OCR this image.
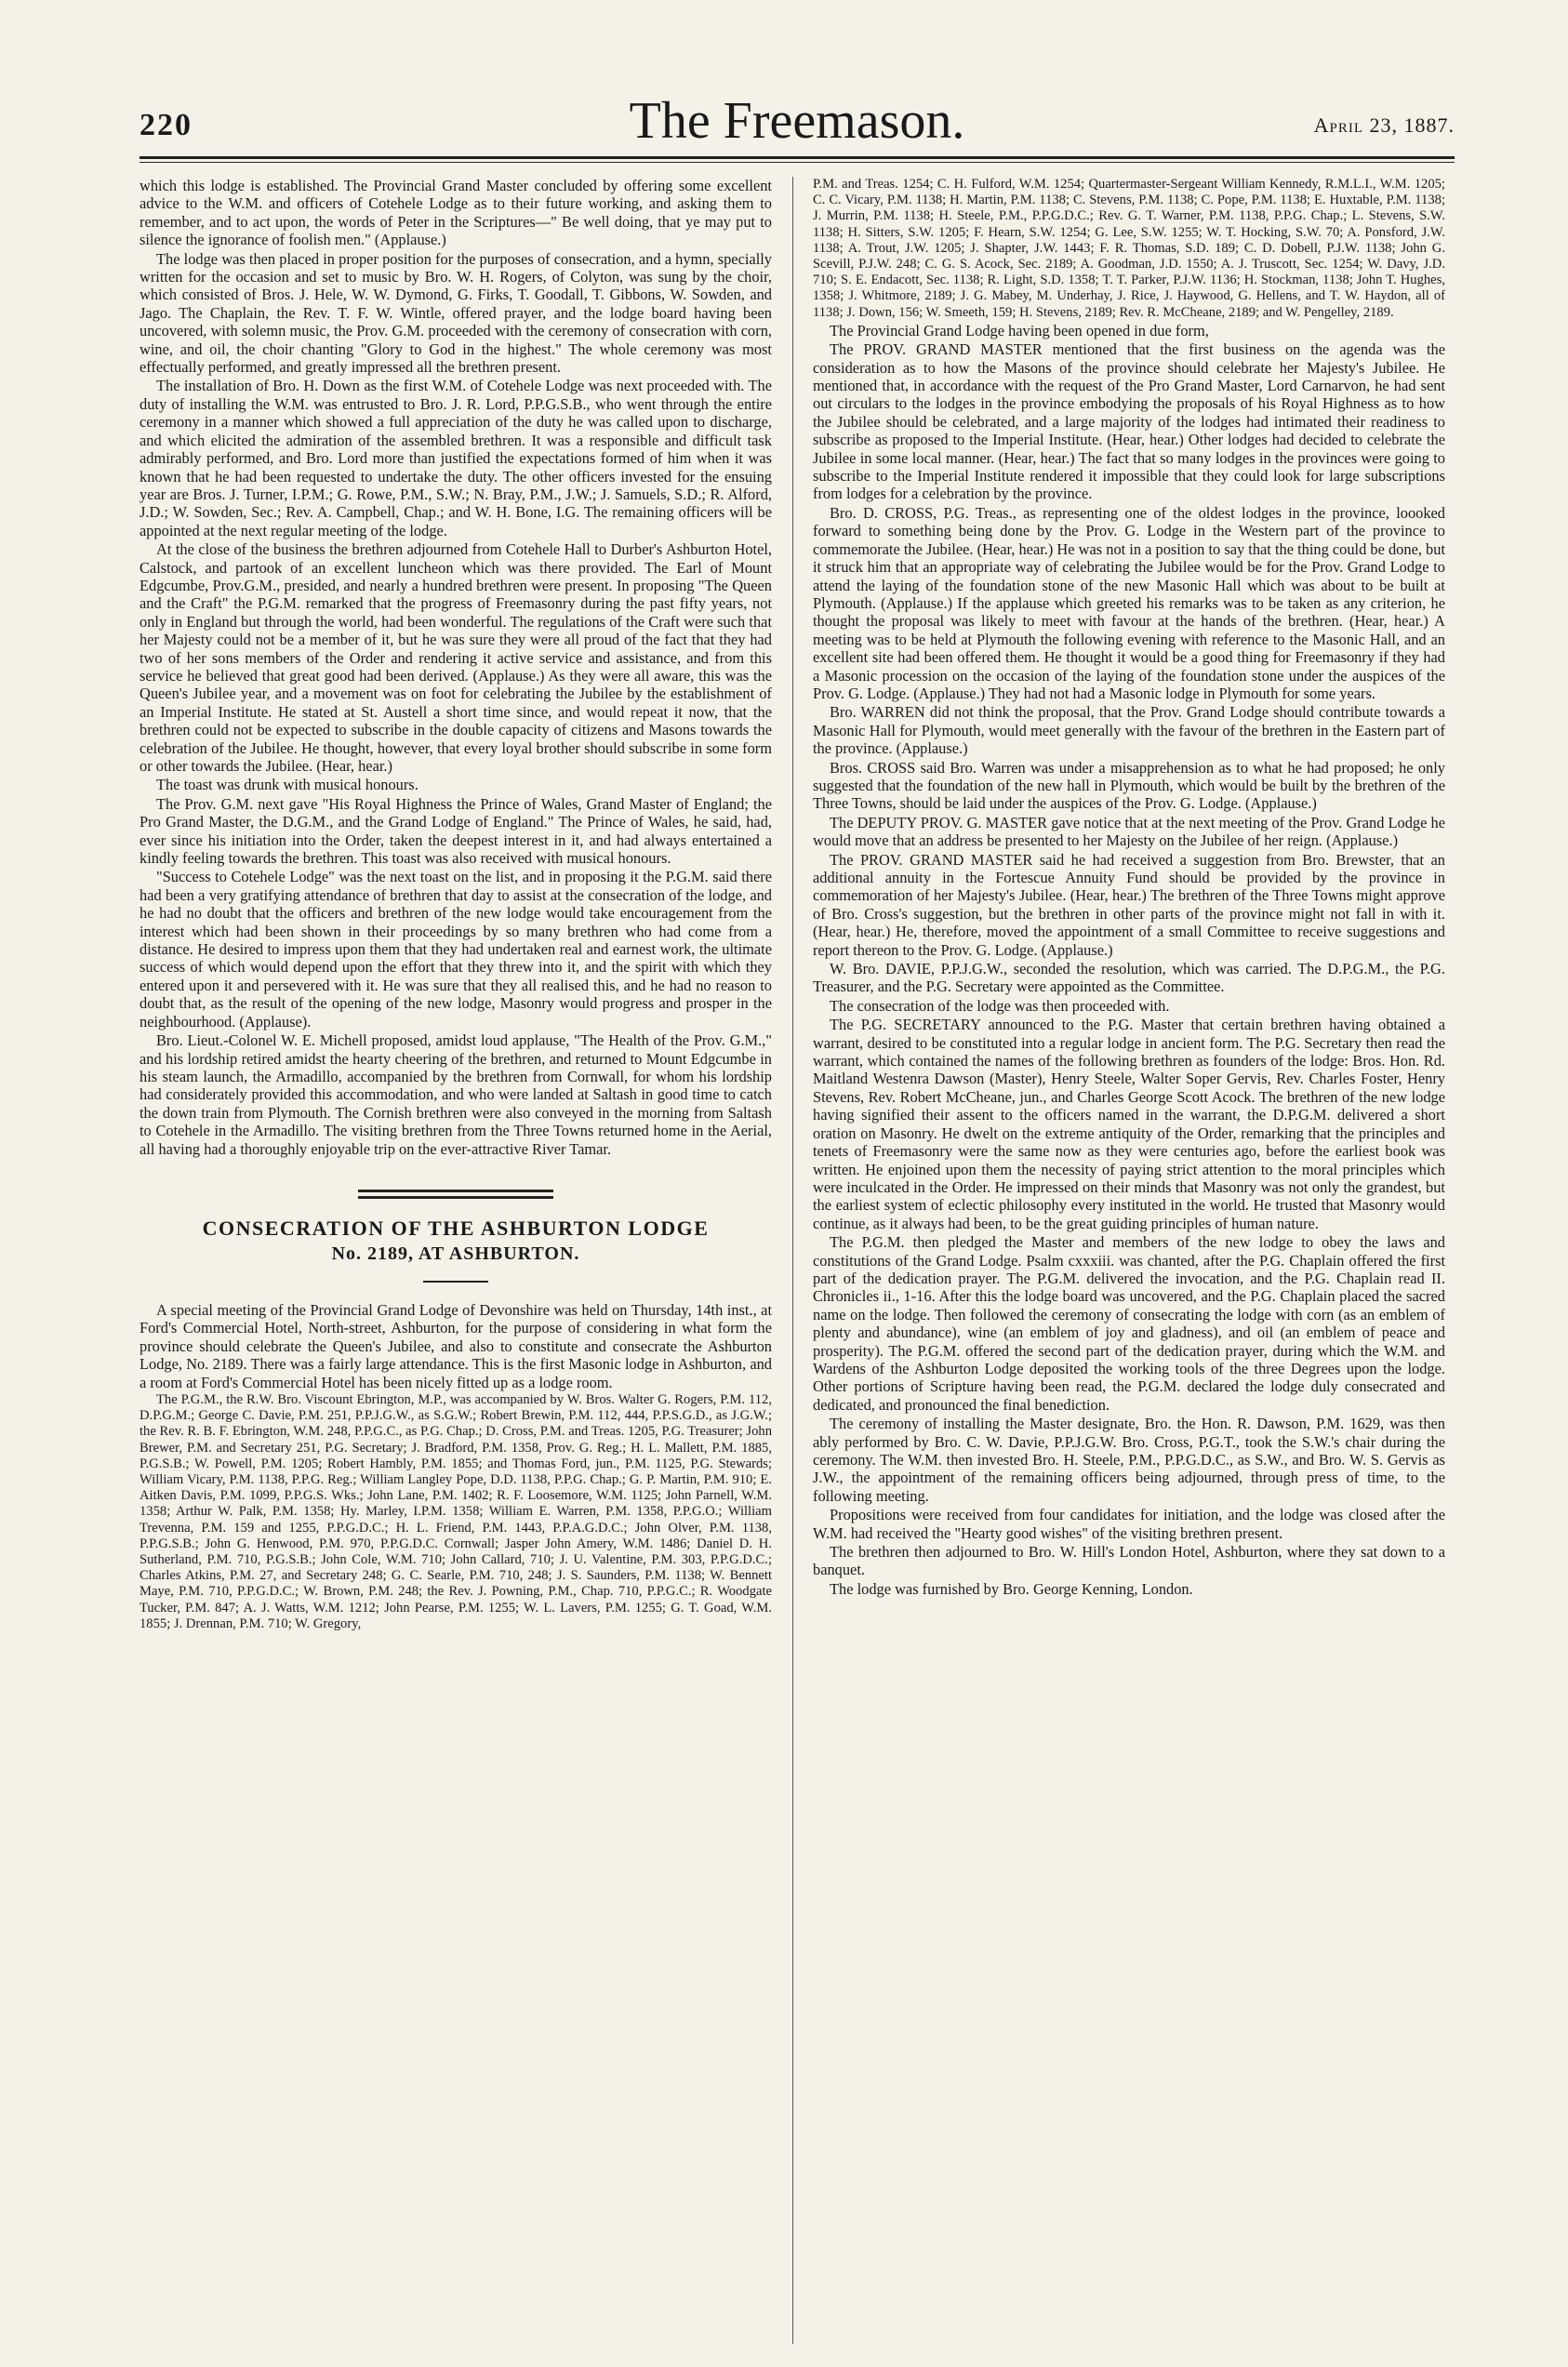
220	The Freemason.	April 23, 1887.

which this lodge is established. The Provincial Grand Master concluded by offering some excellent advice to the W.M. and officers of Cotehele Lodge as to their future working, and asking them to remember, and to act upon, the words of Peter in the Scriptures—" Be well doing, that ye may put to silence the ignorance of foolish men." (Applause.)

The lodge was then placed in proper position for the purposes of consecration, and a hymn, specially written for the occasion and set to music by Bro. W. H. Rogers, of Colyton, was sung by the choir, which consisted of Bros. J. Hele, W. W. Dymond, G. Firks, T. Goodall, T. Gibbons, W. Sowden, and Jago. The Chaplain, the Rev. T. F. W. Wintle, offered prayer, and the lodge board having been uncovered, with solemn music, the Prov. G.M. proceeded with the ceremony of consecration with corn, wine, and oil, the choir chanting "Glory to God in the highest." The whole ceremony was most effectually performed, and greatly impressed all the brethren present.

The installation of Bro. H. Down as the first W.M. of Cotehele Lodge was next proceeded with. The duty of installing the W.M. was entrusted to Bro. J. R. Lord, P.P.G.S.B., who went through the entire ceremony in a manner which showed a full appreciation of the duty he was called upon to discharge, and which elicited the admiration of the assembled brethren. It was a responsible and difficult task admirably performed, and Bro. Lord more than justified the expectations formed of him when it was known that he had been requested to undertake the duty. The other officers invested for the ensuing year are Bros. J. Turner, I.P.M.; G. Rowe, P.M., S.W.; N. Bray, P.M., J.W.; J. Samuels, S.D.; R. Alford, J.D.; W. Sowden, Sec.; Rev. A. Campbell, Chap.; and W. H. Bone, I.G. The remaining officers will be appointed at the next regular meeting of the lodge.

At the close of the business the brethren adjourned from Cotehele Hall to Durber's Ashburton Hotel, Calstock, and partook of an excellent luncheon which was there provided. The Earl of Mount Edgcumbe, Prov.G.M., presided, and nearly a hundred brethren were present. In proposing "The Queen and the Craft" the P.G.M. remarked that the progress of Freemasonry during the past fifty years, not only in England but through the world, had been wonderful. The regulations of the Craft were such that her Majesty could not be a member of it, but he was sure they were all proud of the fact that they had two of her sons members of the Order and rendering it active service and assistance, and from this service he believed that great good had been derived. (Applause.) As they were all aware, this was the Queen's Jubilee year, and a movement was on foot for celebrating the Jubilee by the establishment of an Imperial Institute. He stated at St. Austell a short time since, and would repeat it now, that the brethren could not be expected to subscribe in the double capacity of citizens and Masons towards the celebration of the Jubilee. He thought, however, that every loyal brother should subscribe in some form or other towards the Jubilee. (Hear, hear.)

The toast was drunk with musical honours.

The Prov. G.M. next gave "His Royal Highness the Prince of Wales, Grand Master of England; the Pro Grand Master, the D.G.M., and the Grand Lodge of England." The Prince of Wales, he said, had, ever since his initiation into the Order, taken the deepest interest in it, and had always entertained a kindly feeling towards the brethren. This toast was also received with musical honours.

"Success to Cotehele Lodge" was the next toast on the list, and in proposing it the P.G.M. said there had been a very gratifying attendance of brethren that day to assist at the consecration of the lodge, and he had no doubt that the officers and brethren of the new lodge would take encouragement from the interest which had been shown in their proceedings by so many brethren who had come from a distance. He desired to impress upon them that they had undertaken real and earnest work, the ultimate success of which would depend upon the effort that they threw into it, and the spirit with which they entered upon it and persevered with it. He was sure that they all realised this, and he had no reason to doubt that, as the result of the opening of the new lodge, Masonry would progress and prosper in the neighbourhood. (Applause).

Bro. Lieut.-Colonel W. E. Michell proposed, amidst loud applause, "The Health of the Prov. G.M.," and his lordship retired amidst the hearty cheering of the brethren, and returned to Mount Edgcumbe in his steam launch, the Armadillo, accompanied by the brethren from Cornwall, for whom his lordship had considerately provided this accommodation, and who were landed at Saltash in good time to catch the down train from Plymouth. The Cornish brethren were also conveyed in the morning from Saltash to Cotehele in the Armadillo. The visiting brethren from the Three Towns returned home in the Aerial, all having had a thoroughly enjoyable trip on the ever-attractive River Tamar.

CONSECRATION OF THE ASHBURTON LODGE
No. 2189, AT ASHBURTON.

A special meeting of the Provincial Grand Lodge of Devonshire was held on Thursday, 14th inst., at Ford's Commercial Hotel, North-street, Ashburton, for the purpose of considering in what form the province should celebrate the Queen's Jubilee, and also to constitute and consecrate the Ashburton Lodge, No. 2189. There was a fairly large attendance. This is the first Masonic lodge in Ashburton, and a room at Ford's Commercial Hotel has been nicely fitted up as a lodge room.

The P.G.M., the R.W. Bro. Viscount Ebrington, M.P., was accompanied by W. Bros. Walter G. Rogers, P.M. 112, D.P.G.M.; George C. Davie, P.M. 251, P.P.J.G.W., as S.G.W.; Robert Brewin, P.M. 112, 444, P.P.S.G.D., as J.G.W.; the Rev. R. B. F. Ebrington, W.M. 248, P.P.G.C., as P.G. Chap.; D. Cross, P.M. and Treas. 1205, P.G. Treasurer; John Brewer, P.M. and Secretary 251, P.G. Secretary; J. Bradford, P.M. 1358, Prov. G. Reg.; H. L. Mallett, P.M. 1885, P.G.S.B.; W. Powell, P.M. 1205; Robert Hambly, P.M. 1855; and Thomas Ford, jun., P.M. 1125, P.G. Stewards; William Vicary, P.M. 1138, P.P.G. Reg.; William Langley Pope, D.D. 1138, P.P.G. Chap.; G. P. Martin, P.M. 910; E. Aitken Davis, P.M. 1099, P.P.G.S. Wks.; John Lane, P.M. 1402; R. F. Loosemore, W.M. 1125; John Parnell, W.M. 1358; Arthur W. Palk, P.M. 1358; Hy. Marley, I.P.M. 1358; William E. Warren, P.M. 1358, P.P.G.O.; William Trevenna, P.M. 159 and 1255, P.P.G.D.C.; H. L. Friend, P.M. 1443, P.P.A.G.D.C.; John Olver, P.M. 1138, P.P.G.S.B.; John G. Henwood, P.M. 970, P.P.G.D.C. Cornwall; Jasper John Amery, W.M. 1486; Daniel D. H. Sutherland, P.M. 710, P.G.S.B.; John Cole, W.M. 710; John Callard, 710; J. U. Valentine, P.M. 303, P.P.G.D.C.; Charles Atkins, P.M. 27, and Secretary 248; G. C. Searle, P.M. 710, 248; J. S. Saunders, P.M. 1138; W. Bennett Maye, P.M. 710, P.P.G.D.C.; W. Brown, P.M. 248; the Rev. J. Powning, P.M., Chap. 710, P.P.G.C.; R. Woodgate Tucker, P.M. 847; A. J. Watts, W.M. 1212; John Pearse, P.M. 1255; W. L. Lavers, P.M. 1255; G. T. Goad, W.M. 1855; J. Drennan, P.M. 710; W. Gregory,

P.M. and Treas. 1254; C. H. Fulford, W.M. 1254; Quartermaster-Sergeant William Kennedy, R.M.L.I., W.M. 1205; C. C. Vicary, P.M. 1138; H. Martin, P.M. 1138; C. Stevens, P.M. 1138; C. Pope, P.M. 1138; E. Huxtable, P.M. 1138; J. Murrin, P.M. 1138; H. Steele, P.M., P.P.G.D.C.; Rev. G. T. Warner, P.M. 1138, P.P.G. Chap.; L. Stevens, S.W. 1138; H. Sitters, S.W. 1205; F. Hearn, S.W. 1254; G. Lee, S.W. 1255; W. T. Hocking, S.W. 70; A. Ponsford, J.W. 1138; A. Trout, J.W. 1205; J. Shapter, J.W. 1443; F. R. Thomas, S.D. 189; C. D. Dobell, P.J.W. 1138; John G. Scevill, P.J.W. 248; C. G. S. Acock, Sec. 2189; A. Goodman, J.D. 1550; A. J. Truscott, Sec. 1254; W. Davy, J.D. 710; S. E. Endacott, Sec. 1138; R. Light, S.D. 1358; T. T. Parker, P.J.W. 1136; H. Stockman, 1138; John T. Hughes, 1358; J. Whitmore, 2189; J. G. Mabey, M. Underhay, J. Rice, J. Haywood, G. Hellens, and T. W. Haydon, all of 1138; J. Down, 156; W. Smeeth, 159; H. Stevens, 2189; Rev. R. McCheane, 2189; and W. Pengelley, 2189.

The Provincial Grand Lodge having been opened in due form,

The PROV. GRAND MASTER mentioned that the first business on the agenda was the consideration as to how the Masons of the province should celebrate her Majesty's Jubilee. He mentioned that, in accordance with the request of the Pro Grand Master, Lord Carnarvon, he had sent out circulars to the lodges in the province embodying the proposals of his Royal Highness as to how the Jubilee should be celebrated, and a large majority of the lodges had intimated their readiness to subscribe as proposed to the Imperial Institute. (Hear, hear.) Other lodges had decided to celebrate the Jubilee in some local manner. (Hear, hear.) The fact that so many lodges in the provinces were going to subscribe to the Imperial Institute rendered it impossible that they could look for large subscriptions from lodges for a celebration by the province.

Bro. D. CROSS, P.G. Treas., as representing one of the oldest lodges in the province, loooked forward to something being done by the Prov. G. Lodge in the Western part of the province to commemorate the Jubilee. (Hear, hear.) He was not in a position to say that the thing could be done, but it struck him that an appropriate way of celebrating the Jubilee would be for the Prov. Grand Lodge to attend the laying of the foundation stone of the new Masonic Hall which was about to be built at Plymouth. (Applause.) If the applause which greeted his remarks was to be taken as any criterion, he thought the proposal was likely to meet with favour at the hands of the brethren. (Hear, hear.) A meeting was to be held at Plymouth the following evening with reference to the Masonic Hall, and an excellent site had been offered them. He thought it would be a good thing for Freemasonry if they had a Masonic procession on the occasion of the laying of the foundation stone under the auspices of the Prov. G. Lodge. (Applause.) They had not had a Masonic lodge in Plymouth for some years.

Bro. WARREN did not think the proposal, that the Prov. Grand Lodge should contribute towards a Masonic Hall for Plymouth, would meet generally with the favour of the brethren in the Eastern part of the province. (Applause.)

Bros. CROSS said Bro. Warren was under a misapprehension as to what he had proposed; he only suggested that the foundation of the new hall in Plymouth, which would be built by the brethren of the Three Towns, should be laid under the auspices of the Prov. G. Lodge. (Applause.)

The DEPUTY PROV. G. MASTER gave notice that at the next meeting of the Prov. Grand Lodge he would move that an address be presented to her Majesty on the Jubilee of her reign. (Applause.)

The PROV. GRAND MASTER said he had received a suggestion from Bro. Brewster, that an additional annuity in the Fortescue Annuity Fund should be provided by the province in commemoration of her Majesty's Jubilee. (Hear, hear.) The brethren of the Three Towns might approve of Bro. Cross's suggestion, but the brethren in other parts of the province might not fall in with it. (Hear, hear.) He, therefore, moved the appointment of a small Committee to receive suggestions and report thereon to the Prov. G. Lodge. (Applause.)

W. Bro. DAVIE, P.P.J.G.W., seconded the resolution, which was carried. The D.P.G.M., the P.G. Treasurer, and the P.G. Secretary were appointed as the Committee.

The consecration of the lodge was then proceeded with.

The P.G. SECRETARY announced to the P.G. Master that certain brethren having obtained a warrant, desired to be constituted into a regular lodge in ancient form. The P.G. Secretary then read the warrant, which contained the names of the following brethren as founders of the lodge: Bros. Hon. Rd. Maitland Westenra Dawson (Master), Henry Steele, Walter Soper Gervis, Rev. Charles Foster, Henry Stevens, Rev. Robert McCheane, jun., and Charles George Scott Acock. The brethren of the new lodge having signified their assent to the officers named in the warrant, the D.P.G.M. delivered a short oration on Masonry. He dwelt on the extreme antiquity of the Order, remarking that the principles and tenets of Freemasonry were the same now as they were centuries ago, before the earliest book was written. He enjoined upon them the necessity of paying strict attention to the moral principles which were inculcated in the Order. He impressed on their minds that Masonry was not only the grandest, but the earliest system of eclectic philosophy every instituted in the world. He trusted that Masonry would continue, as it always had been, to be the great guiding principles of human nature.

The P.G.M. then pledged the Master and members of the new lodge to obey the laws and constitutions of the Grand Lodge. Psalm cxxxiii. was chanted, after the P.G. Chaplain offered the first part of the dedication prayer. The P.G.M. delivered the invocation, and the P.G. Chaplain read II. Chronicles ii., 1-16. After this the lodge board was uncovered, and the P.G. Chaplain placed the sacred name on the lodge. Then followed the ceremony of consecrating the lodge with corn (as an emblem of plenty and abundance), wine (an emblem of joy and gladness), and oil (an emblem of peace and prosperity). The P.G.M. offered the second part of the dedication prayer, during which the W.M. and Wardens of the Ashburton Lodge deposited the working tools of the three Degrees upon the lodge. Other portions of Scripture having been read, the P.G.M. declared the lodge duly consecrated and dedicated, and pronounced the final benediction.

The ceremony of installing the Master designate, Bro. the Hon. R. Dawson, P.M. 1629, was then ably performed by Bro. C. W. Davie, P.P.J.G.W. Bro. Cross, P.G.T., took the S.W.'s chair during the ceremony. The W.M. then invested Bro. H. Steele, P.M., P.P.G.D.C., as S.W., and Bro. W. S. Gervis as J.W., the appointment of the remaining officers being adjourned, through press of time, to the following meeting.

Propositions were received from four candidates for initiation, and the lodge was closed after the W.M. had received the "Hearty good wishes" of the visiting brethren present.

The brethren then adjourned to Bro. W. Hill's London Hotel, Ashburton, where they sat down to a banquet.

The lodge was furnished by Bro. George Kenning, London.
